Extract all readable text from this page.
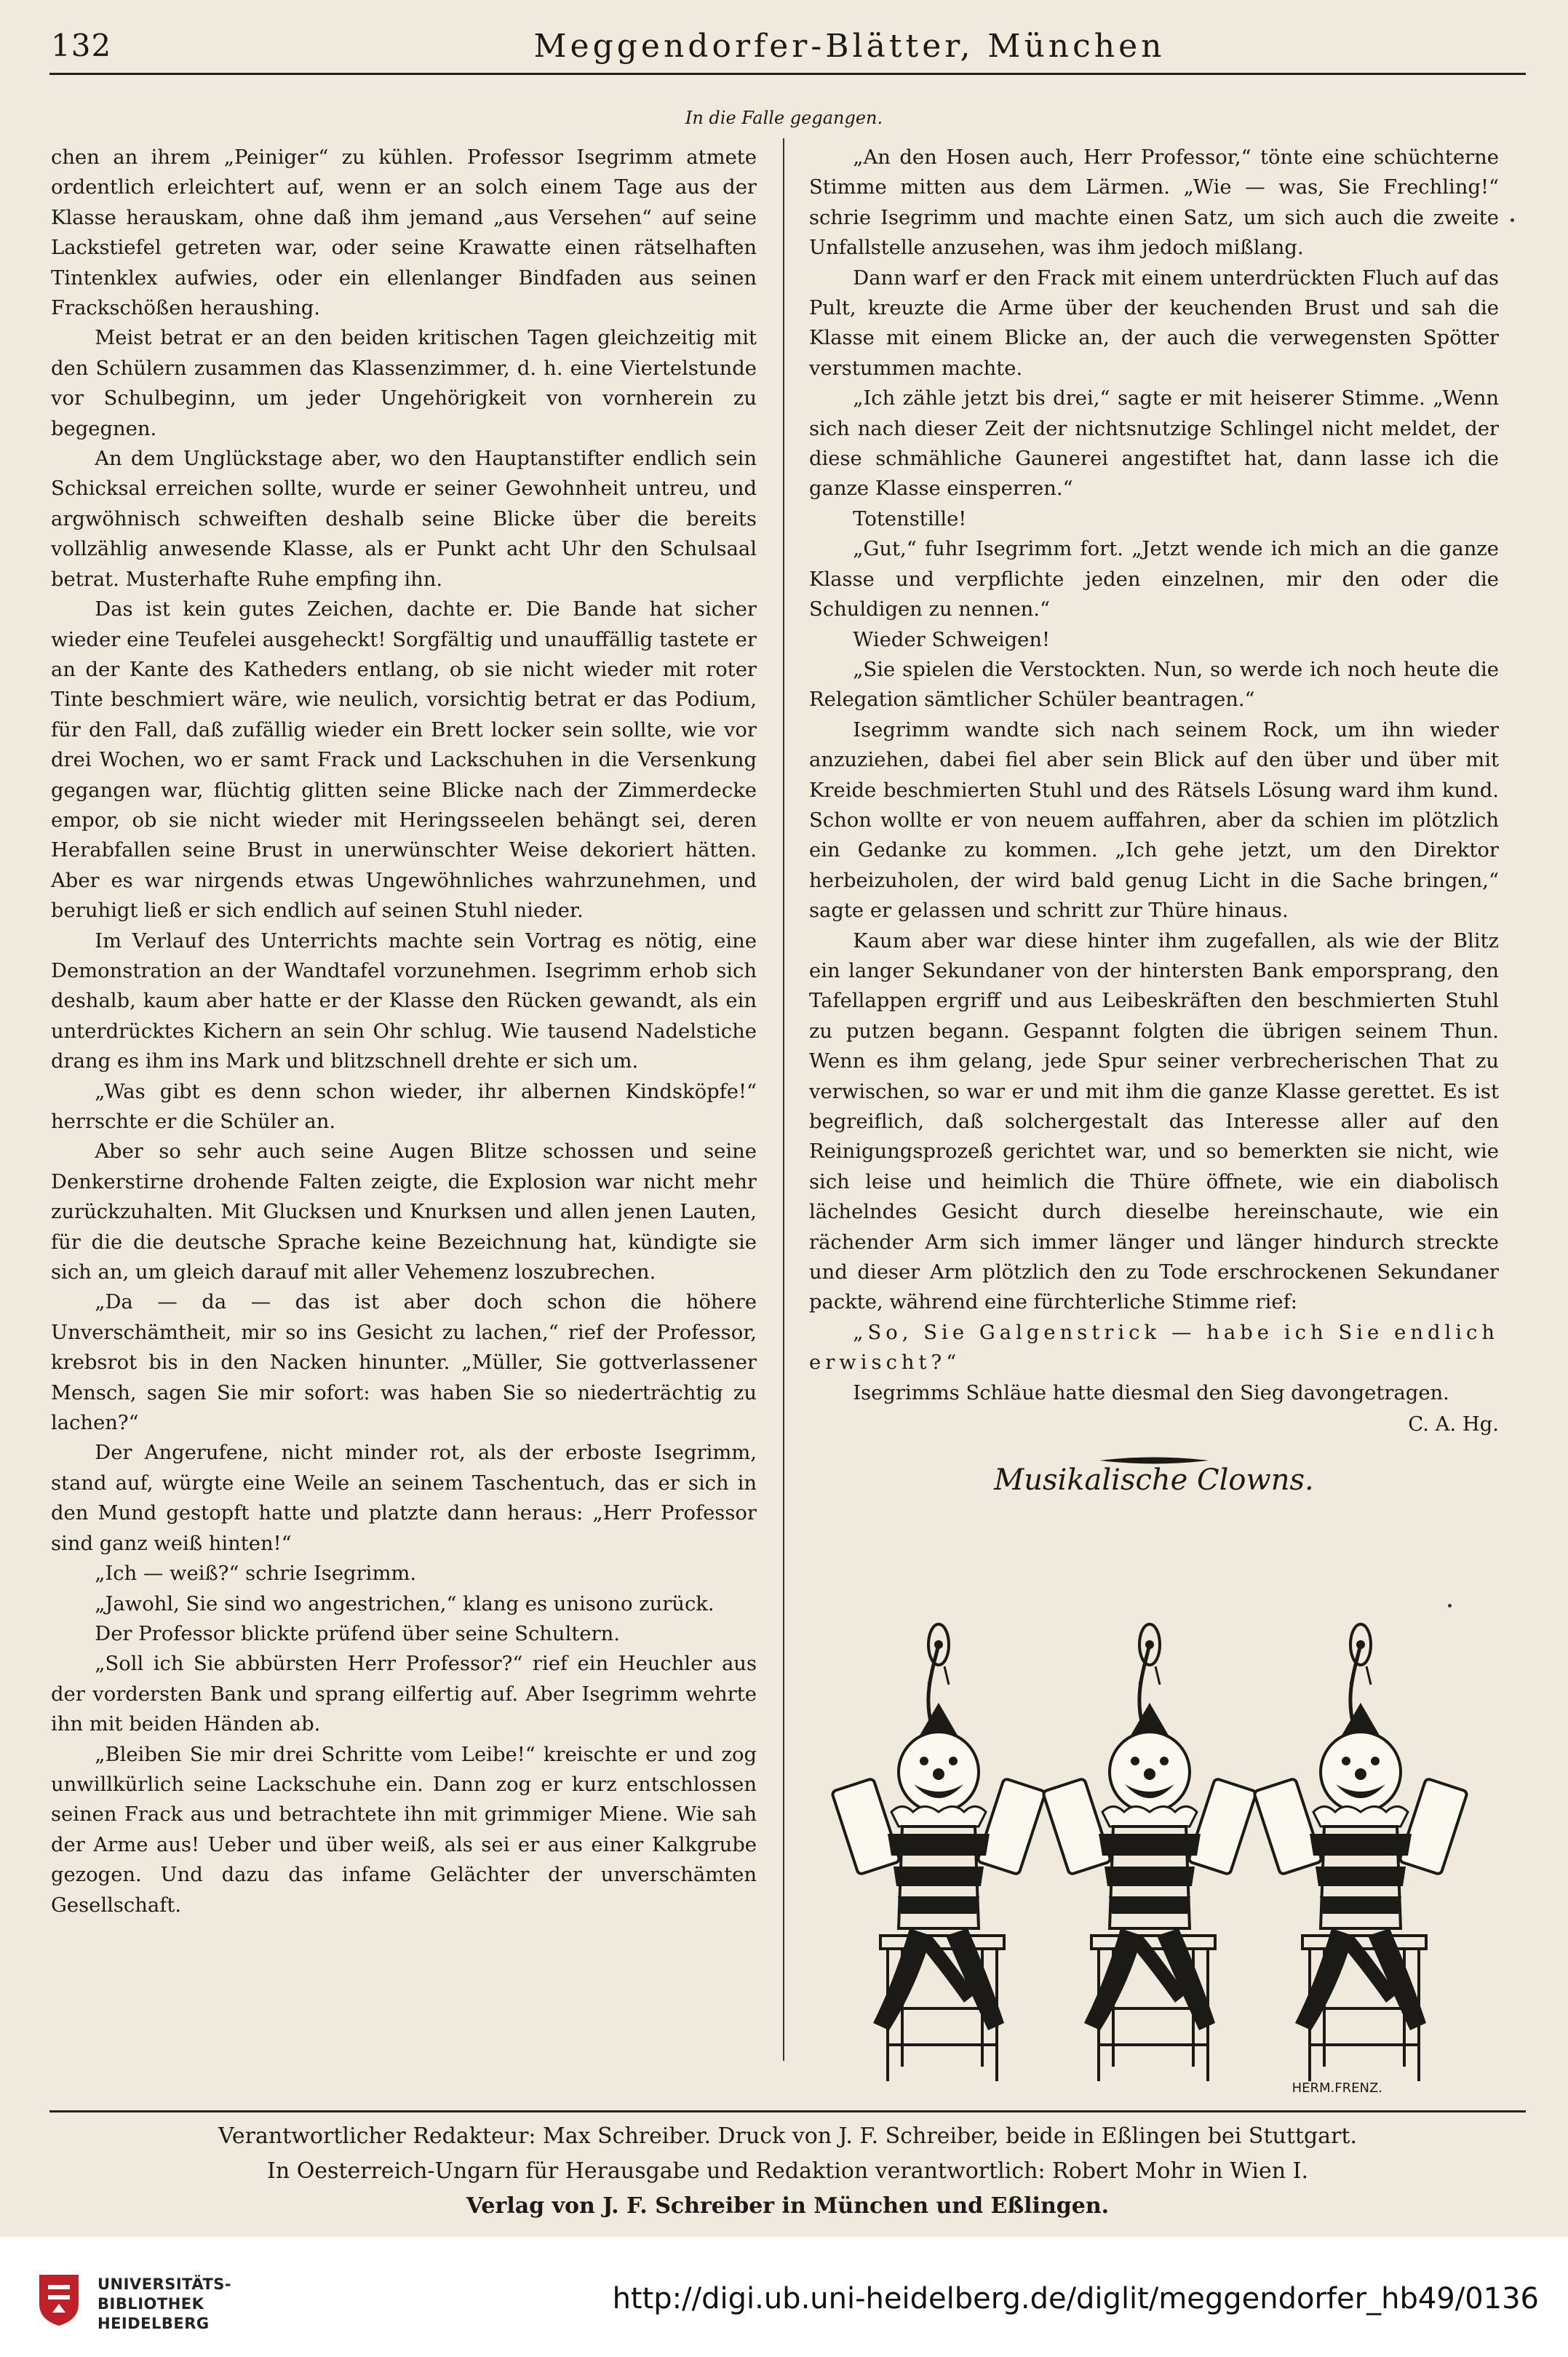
132	Meggendorfer-Blätter, München
In die Falle gegangen.

chen an ihrem „Peiniger“ zu kühlen. Professor Isegrimm atmete ordentlich erleichtert auf, wenn er an solch einem Tage aus der Klasse herauskam, ohne daß ihm jemand „aus Versehen“ auf seine Lackstiefel getreten war, oder seine Krawatte einen rätselhaften Tintenklex aufwies, oder ein ellenlanger Bindfaden aus seinen Frackschößen heraushing.

Meist betrat er an den beiden kritischen Tagen gleichzeitig mit den Schülern zusammen das Klassenzimmer, d. h. eine Viertelstunde vor Schulbeginn, um jeder Ungehörigkeit von vornherein zu begegnen.

An dem Unglückstage aber, wo den Hauptanstifter endlich sein Schicksal erreichen sollte, wurde er seiner Gewohnheit untreu, und argwöhnisch schweiften deshalb seine Blicke über die bereits vollzählig anwesende Klasse, als er Punkt acht Uhr den Schulsaal betrat. Musterhafte Ruhe empfing ihn.

Das ist kein gutes Zeichen, dachte er. Die Bande hat sicher wieder eine Teufelei ausgeheckt! Sorgfältig und unauffällig tastete er an der Kante des Katheders entlang, ob sie nicht wieder mit roter Tinte beschmiert wäre, wie neulich, vorsichtig betrat er das Podium, für den Fall, daß zufällig wieder ein Brett locker sein sollte, wie vor drei Wochen, wo er samt Frack und Lackschuhen in die Versenkung gegangen war, flüchtig glitten seine Blicke nach der Zimmerdecke empor, ob sie nicht wieder mit Heringsseelen behängt sei, deren Herabfallen seine Brust in unerwünschter Weise dekoriert hätten. Aber es war nirgends etwas Ungewöhnliches wahrzunehmen, und beruhigt ließ er sich endlich auf seinen Stuhl nieder.

Im Verlauf des Unterrichts machte sein Vortrag es nötig, eine Demonstration an der Wandtafel vorzunehmen. Isegrimm erhob sich deshalb, kaum aber hatte er der Klasse den Rücken gewandt, als ein unterdrücktes Kichern an sein Ohr schlug. Wie tausend Nadelstiche drang es ihm ins Mark und blitzschnell drehte er sich um.

„Was gibt es denn schon wieder, ihr albernen Kindsköpfe!“ herrschte er die Schüler an.

Aber so sehr auch seine Augen Blitze schossen und seine Denkerstirne drohende Falten zeigte, die Explosion war nicht mehr zurückzuhalten. Mit Glucksen und Knurksen und allen jenen Lauten, für die die deutsche Sprache keine Bezeichnung hat, kündigte sie sich an, um gleich darauf mit aller Vehemenz loszubrechen.

„Da — da — das ist aber doch schon die höhere Unverschämtheit, mir so ins Gesicht zu lachen,“ rief der Professor, krebsrot bis in den Nacken hinunter. „Müller, Sie gottverlassener Mensch, sagen Sie mir sofort: was haben Sie so niederträchtig zu lachen?“

Der Angerufene, nicht minder rot, als der erboste Isegrimm, stand auf, würgte eine Weile an seinem Taschentuch, das er sich in den Mund gestopft hatte und platzte dann heraus: „Herr Professor sind ganz weiß hinten!“

„Ich — weiß?“ schrie Isegrimm.

„Jawohl, Sie sind wo angestrichen,“ klang es unisono zurück.

Der Professor blickte prüfend über seine Schultern.

„Soll ich Sie abbürsten Herr Professor?“ rief ein Heuchler aus der vordersten Bank und sprang eilfertig auf. Aber Isegrimm wehrte ihn mit beiden Händen ab.

„Bleiben Sie mir drei Schritte vom Leibe!“ kreischte er und zog unwillkürlich seine Lackschuhe ein. Dann zog er kurz entschlossen seinen Frack aus und betrachtete ihn mit grimmiger Miene. Wie sah der Arme aus! Ueber und über weiß, als sei er aus einer Kalkgrube gezogen. Und dazu das infame Gelächter der unverschämten Gesellschaft.

„An den Hosen auch, Herr Professor,“ tönte eine schüchterne Stimme mitten aus dem Lärmen. „Wie — was, Sie Frechling!“ schrie Isegrimm und machte einen Satz, um sich auch die zweite Unfallstelle anzusehen, was ihm jedoch mißlang.

Dann warf er den Frack mit einem unterdrückten Fluch auf das Pult, kreuzte die Arme über der keuchenden Brust und sah die Klasse mit einem Blicke an, der auch die verwegensten Spötter verstummen machte.

„Ich zähle jetzt bis drei,“ sagte er mit heiserer Stimme. „Wenn sich nach dieser Zeit der nichtsnutzige Schlingel nicht meldet, der diese schmähliche Gaunerei angestiftet hat, dann lasse ich die ganze Klasse einsperren.“

Totenstille!

„Gut,“ fuhr Isegrimm fort. „Jetzt wende ich mich an die ganze Klasse und verpflichte jeden einzelnen, mir den oder die Schuldigen zu nennen.“

Wieder Schweigen!

„Sie spielen die Verstockten. Nun, so werde ich noch heute die Relegation sämtlicher Schüler beantragen.“

Isegrimm wandte sich nach seinem Rock, um ihn wieder anzuziehen, dabei fiel aber sein Blick auf den über und über mit Kreide beschmierten Stuhl und des Rätsels Lösung ward ihm kund. Schon wollte er von neuem auffahren, aber da schien im plötzlich ein Gedanke zu kommen. „Ich gehe jetzt, um den Direktor herbeizuholen, der wird bald genug Licht in die Sache bringen,“ sagte er gelassen und schritt zur Thüre hinaus.

Kaum aber war diese hinter ihm zugefallen, als wie der Blitz ein langer Sekundaner von der hintersten Bank emporsprang, den Tafellappen ergriff und aus Leibeskräften den beschmierten Stuhl zu putzen begann. Gespannt folgten die übrigen seinem Thun. Wenn es ihm gelang, jede Spur seiner verbrecherischen That zu verwischen, so war er und mit ihm die ganze Klasse gerettet. Es ist begreiflich, daß solchergestalt das Interesse aller auf den Reinigungsprozeß gerichtet war, und so bemerkten sie nicht, wie sich leise und heimlich die Thüre öffnete, wie ein diabolisch lächelndes Gesicht durch dieselbe hereinschaute, wie ein rächender Arm sich immer länger und länger hindurch streckte und dieser Arm plötzlich den zu Tode erschrockenen Sekundaner packte, während eine fürchterliche Stimme rief:

„So, Sie Galgenstrick — habe ich Sie endlich erwischt?“

Isegrimms Schläue hatte diesmal den Sieg davongetragen.

C. A. Hg.

Musikalische Clowns.

HERM.FRENZ.
Verantwortlicher Redakteur: Max Schreiber. Druck von J. F. Schreiber, beide in Eßlingen bei Stuttgart.
In Oesterreich-Ungarn für Herausgabe und Redaktion verantwortlich: Robert Mohr in Wien I.
Verlag von J. F. Schreiber in München und Eßlingen.
UNIVERSITÄTS-
BIBLIOTHEK
HEIDELBERG
http://digi.ub.uni-heidelberg.de/diglit/meggendorfer_hb49/0136
